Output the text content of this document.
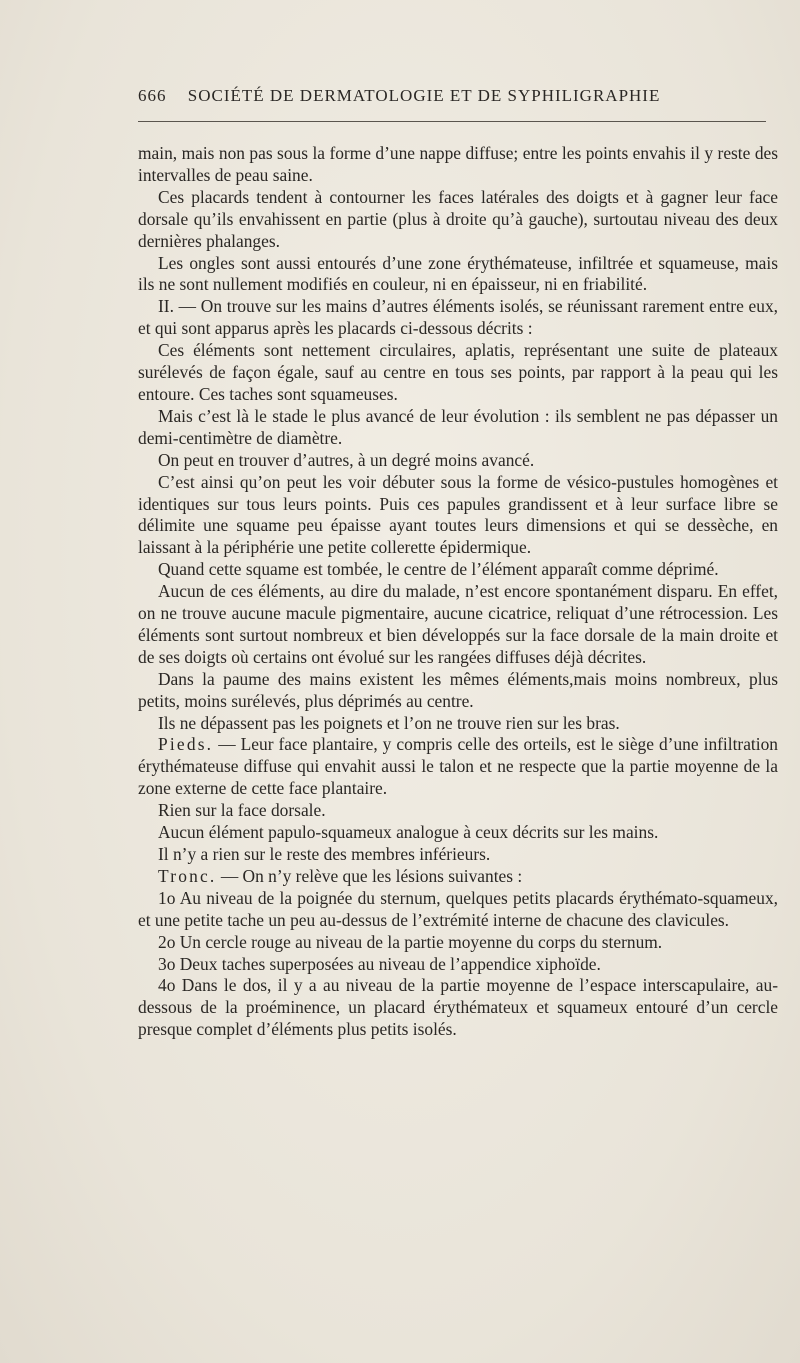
666 SOCIÉTÉ DE DERMATOLOGIE ET DE SYPHILIGRAPHIE

main, mais non pas sous la forme d’une nappe diffuse; entre les points envahis il y reste des intervalles de peau saine.

Ces placards tendent à contourner les faces latérales des doigts et à gagner leur face dorsale qu’ils envahissent en partie (plus à droite qu’à gauche), surtoutau niveau des deux dernières phalanges.

Les ongles sont aussi entourés d’une zone érythémateuse, infiltrée et squameuse, mais ils ne sont nullement modifiés en couleur, ni en épaisseur, ni en friabilité.

II. — On trouve sur les mains d’autres éléments isolés, se réunissant rarement entre eux, et qui sont apparus après les placards ci-dessous décrits :

Ces éléments sont nettement circulaires, aplatis, représentant une suite de plateaux surélevés de façon égale, sauf au centre en tous ses points, par rapport à la peau qui les entoure. Ces taches sont squameuses.

Mais c’est là le stade le plus avancé de leur évolution : ils semblent ne pas dépasser un demi-centimètre de diamètre.

On peut en trouver d’autres, à un degré moins avancé.

C’est ainsi qu’on peut les voir débuter sous la forme de vésico-pustules homogènes et identiques sur tous leurs points. Puis ces papules grandissent et à leur surface libre se délimite une squame peu épaisse ayant toutes leurs dimensions et qui se dessèche, en laissant à la périphérie une petite collerette épidermique.

Quand cette squame est tombée, le centre de l’élément apparaît comme déprimé.

Aucun de ces éléments, au dire du malade, n’est encore spontanément disparu. En effet, on ne trouve aucune macule pigmentaire, aucune cicatrice, reliquat d’une rétrocession. Les éléments sont surtout nombreux et bien développés sur la face dorsale de la main droite et de ses doigts où certains ont évolué sur les rangées diffuses déjà décrites.

Dans la paume des mains existent les mêmes éléments,mais moins nombreux, plus petits, moins surélevés, plus déprimés au centre.

Ils ne dépassent pas les poignets et l’on ne trouve rien sur les bras.

Pieds. — Leur face plantaire, y compris celle des orteils, est le siège d’une infiltration érythémateuse diffuse qui envahit aussi le talon et ne respecte que la partie moyenne de la zone externe de cette face plantaire.

Rien sur la face dorsale.

Aucun élément papulo-squameux analogue à ceux décrits sur les mains.

Il n’y a rien sur le reste des membres inférieurs.

Tronc. — On n’y relève que les lésions suivantes :

1o Au niveau de la poignée du sternum, quelques petits placards érythémato-squameux, et une petite tache un peu au-dessus de l’extrémité interne de chacune des clavicules.

2o Un cercle rouge au niveau de la partie moyenne du corps du sternum.

3o Deux taches superposées au niveau de l’appendice xiphoïde.

4o Dans le dos, il y a au niveau de la partie moyenne de l’espace interscapulaire, au-dessous de la proéminence, un placard érythémateux et squameux entouré d’un cercle presque complet d’éléments plus petits isolés.
